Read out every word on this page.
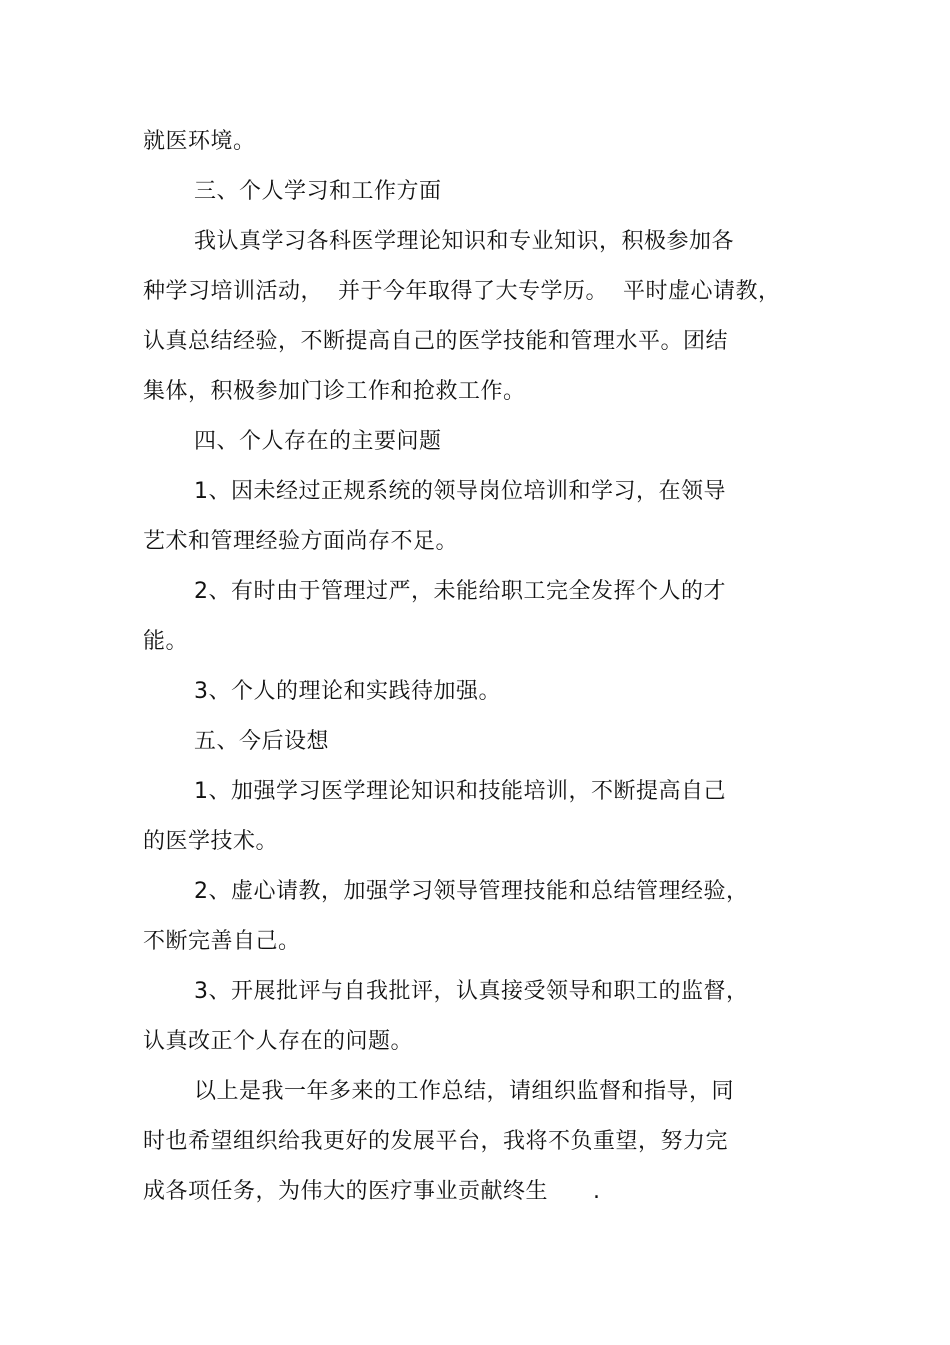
就医环境。
三、个人学习和工作方面
我认真学习各科医学理论知识和专业知识，积极参加各
种学习培训活动，  并于今年取得了大专学历。  平时虚心请教，
认真总结经验，不断提高自己的医学技能和管理水平。团结
集体，积极参加门诊工作和抢救工作。
四、个人存在的主要问题
1、因未经过正规系统的领导岗位培训和学习，在领导
艺术和管理经验方面尚存不足。
2、有时由于管理过严，未能给职工完全发挥个人的才
能。
3、个人的理论和实践待加强。
五、今后设想
1、加强学习医学理论知识和技能培训，不断提高自己
的医学技术。
2、虚心请教，加强学习领导管理技能和总结管理经验，
不断完善自己。
3、开展批评与自我批评，认真接受领导和职工的监督，
认真改正个人存在的问题。
以上是我一年多来的工作总结，请组织监督和指导，同
时也希望组织给我更好的发展平台，我将不负重望，努力完
成各项任务，为伟大的医疗事业贡献终生      .
